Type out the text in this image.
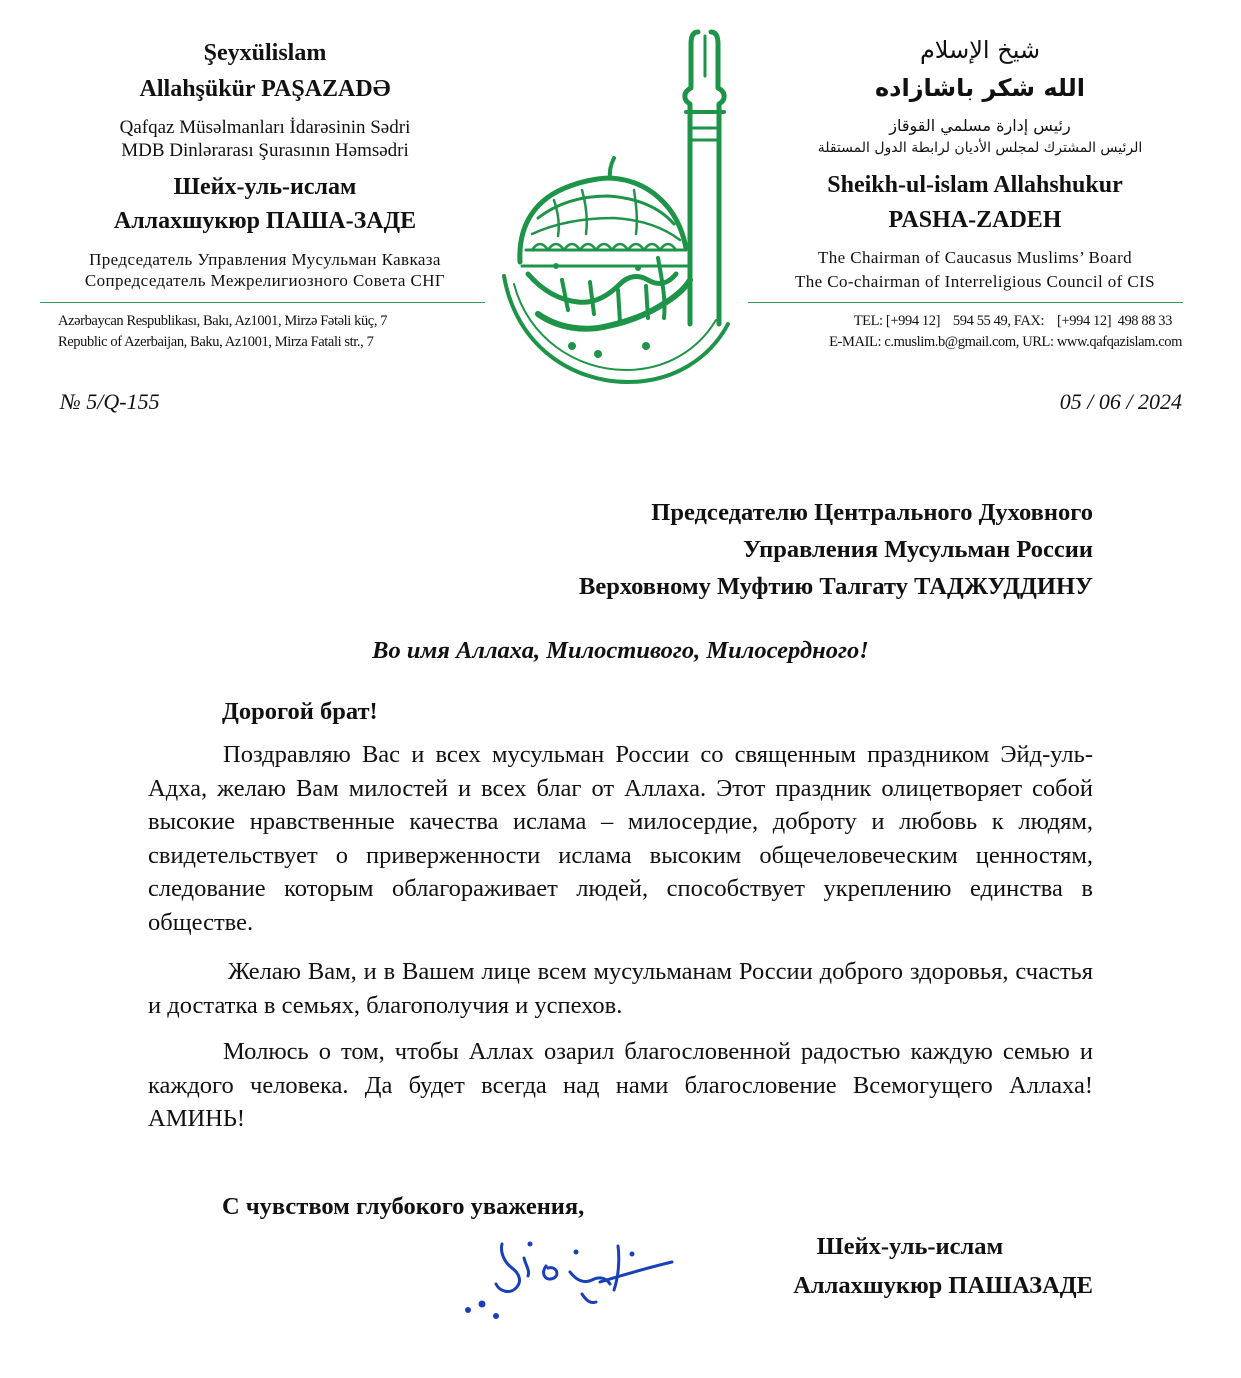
Şeyxülislam
Allahşükür PAŞAZADƏ
Qafqaz Müsəlmanları İdarəsinin Sədri
MDB Dinlərarası Şurasının Həmsədri
Шейх-уль-ислам
Аллахшукюр ПАША-ЗАДЕ
Председатель Управления Мусульман Кавказа
Сопредседатель Межрелигиозного Совета СНГ
Azərbaycan Respublikası, Bakı, Az1001, Mirzə Fətəli küç, 7
Republic of Azerbaijan, Baku, Az1001, Mirza Fatali str., 7
شيخ الإسلام
الله شكر باشازاده
رئيس إدارة مسلمي القوقاز
الرئيس المشترك لمجلس الأديان لرابطة الدول المستقلة
Sheikh-ul-islam Allahshukur
PASHA-ZADEH
The Chairman of Caucasus Muslims’ Board
The Co-chairman of Interreligious Council of CIS
TEL: [+994 12]    594 55 49, FAX:    [+994 12]  498 88 33
E-MAIL: c.muslim.b@gmail.com, URL: www.qafqazislam.com
№ 5/Q-155	05 / 06 / 2024
Председателю Центрального Духовного
Управления Мусульман России
Верховному Муфтию Талгату ТАДЖУДДИНУ
Во имя Аллаха, Милостивого, Милосердного!
Дорогой брат!
Поздравляю Вас и всех мусульман России со священным праздником Эйд-уль-Адха, желаю Вам милостей и всех благ от Аллаха. Этот праздник олицетворяет собой высокие нравственные качества ислама – милосердие, доброту и любовь к людям, свидетельствует о приверженности ислама высоким общечеловеческим ценностям, следование которым облагораживает людей, способствует укреплению единства в обществе.
Желаю Вам, и в Вашем лице всем мусульманам России доброго здоровья, счастья и достатка в семьях, благополучия и успехов.
Молюсь о том, чтобы Аллах озарил благословенной радостью каждую семью и каждого человека. Да будет всегда над нами благословение Всемогущего Аллаха! АМИНЬ!
С чувством глубокого уважения,
Шейх-уль-ислам
Аллахшукюр ПАШАЗАДЕ
